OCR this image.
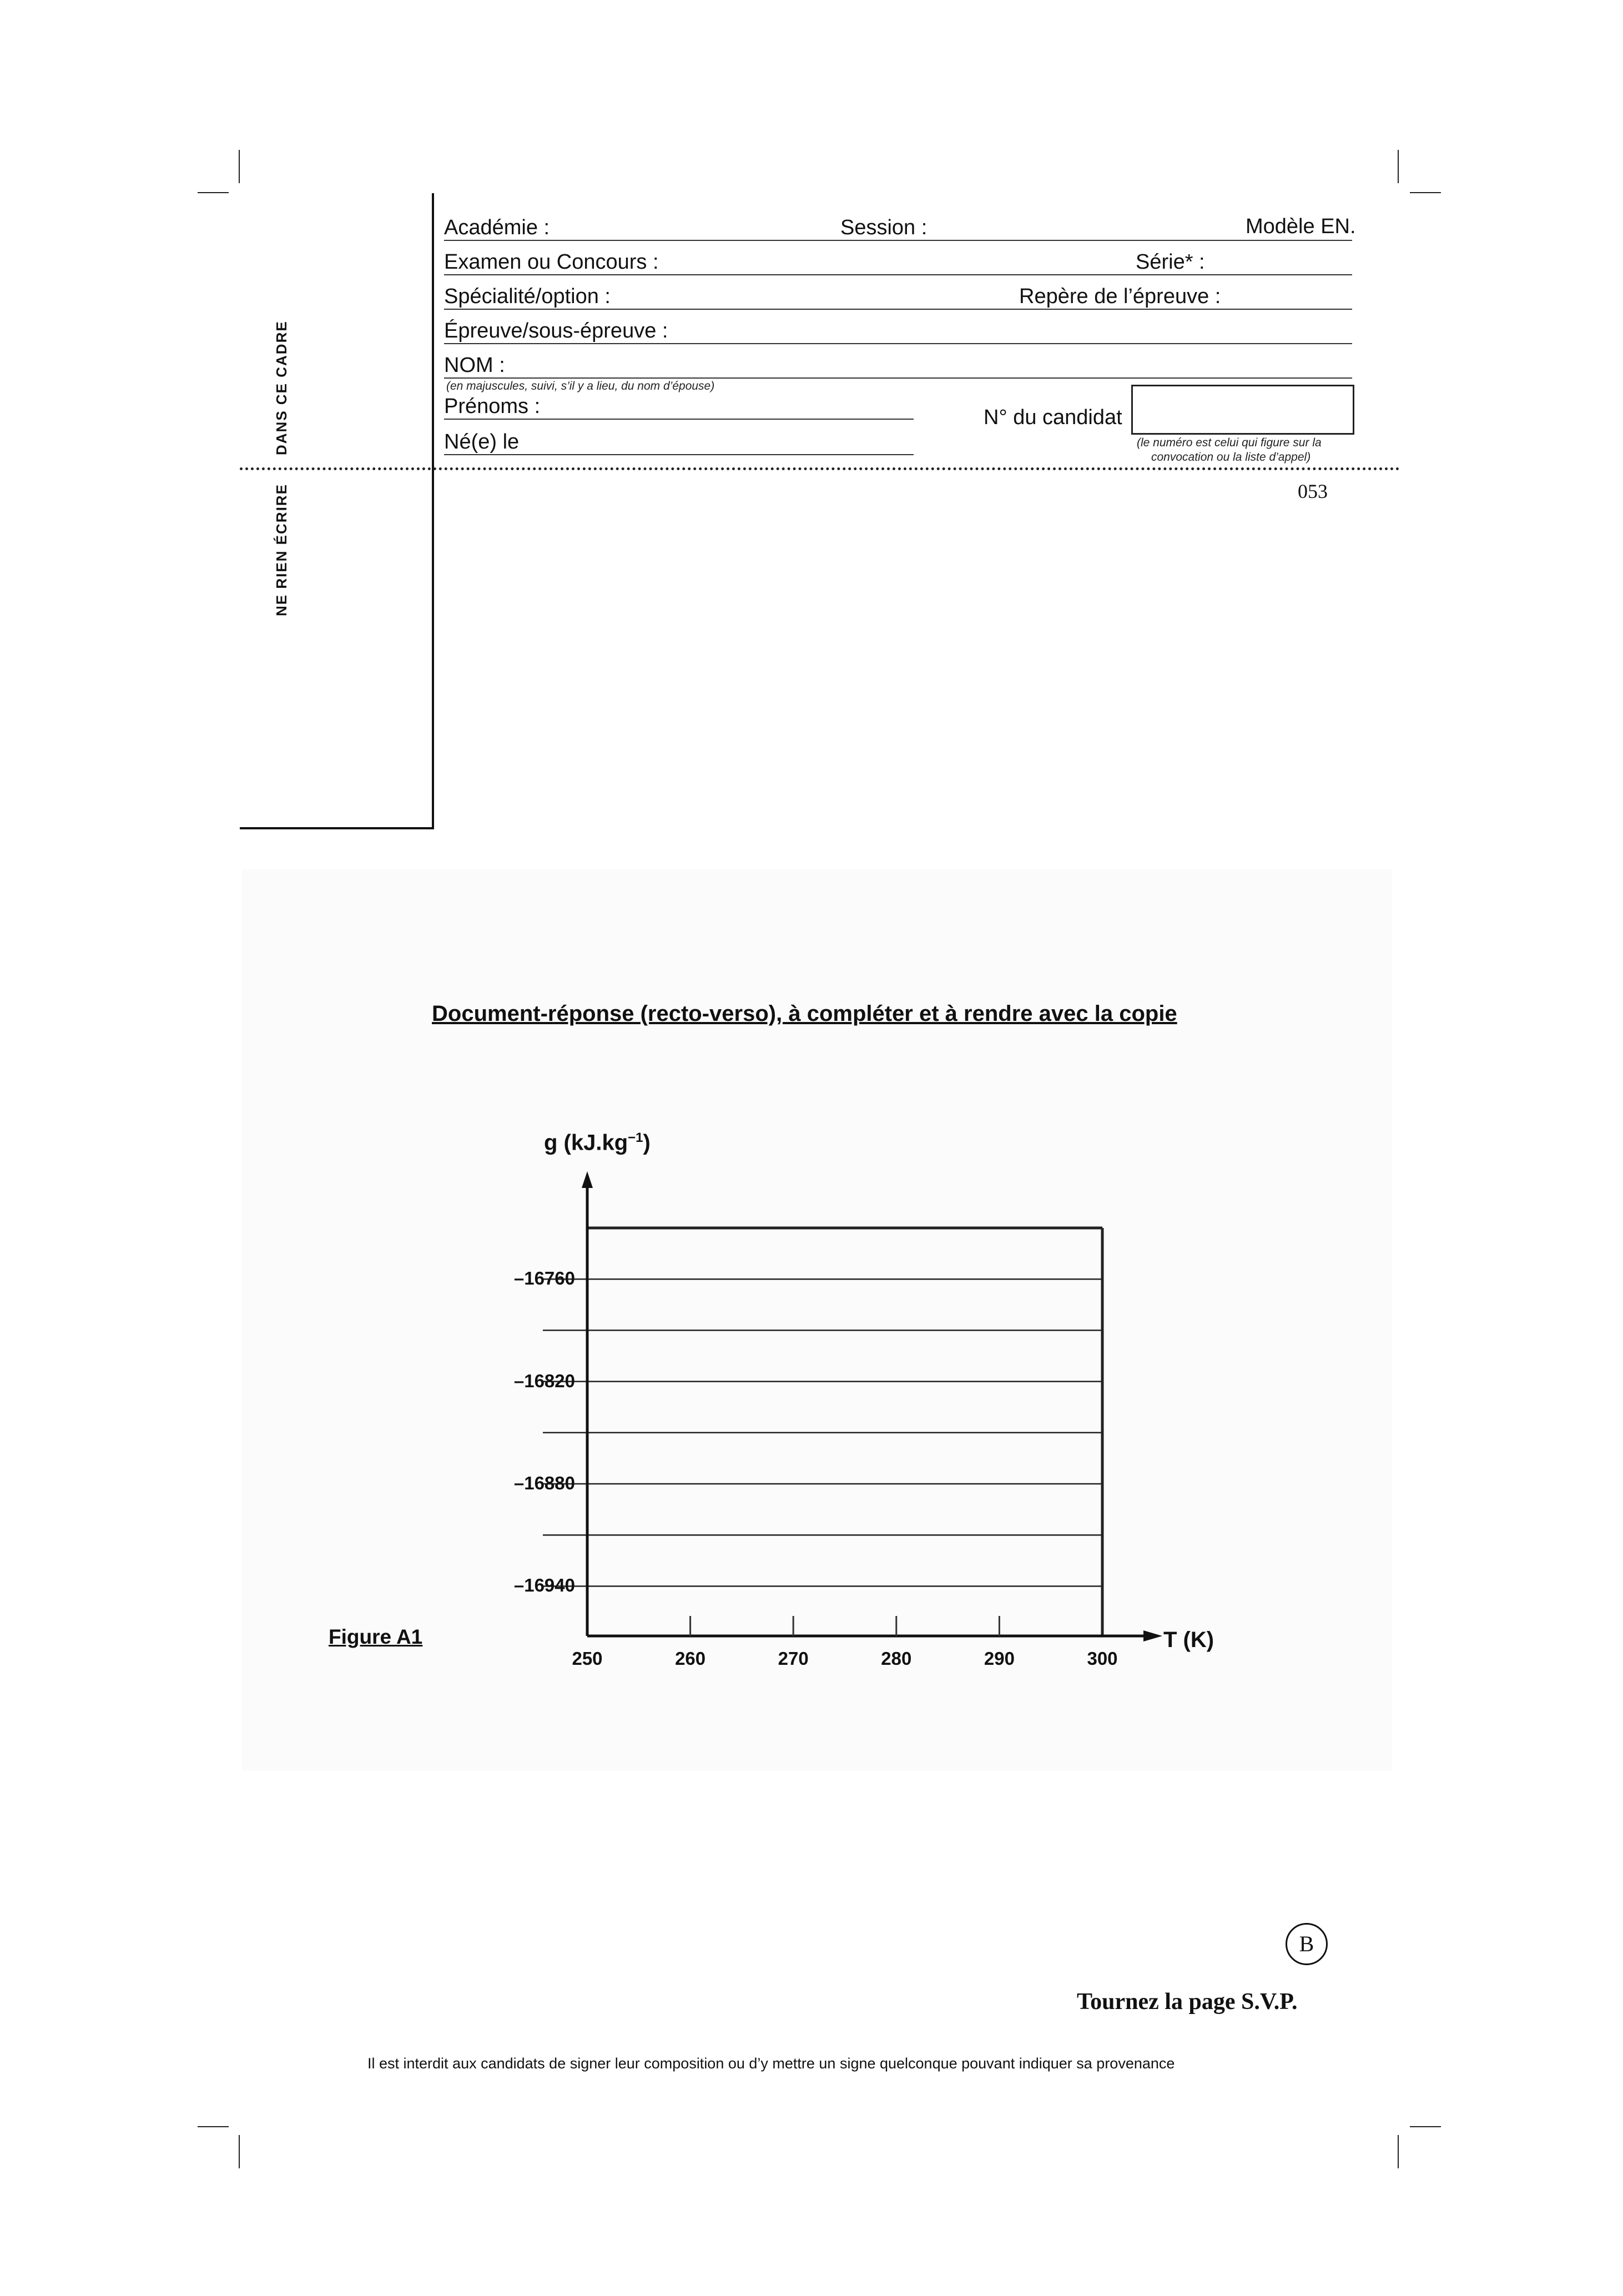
DANS CE CADRE
NE RIEN ÉCRIRE
Académie :	Session :	Modèle EN.
Examen ou Concours :	Série* :
Spécialité/option :	Repère de l’épreuve :
Épreuve/sous-épreuve :
NOM :
(en majuscules, suivi, s’il y a lieu, du nom d’épouse)
Prénoms :
Né(e) le
N° du candidat
(le numéro est celui qui figure sur la
convocation ou la liste d’appel)
053
Document-réponse (recto-verso), à compléter et à rendre avec la copie
g $(kJ.kg^{-1})$
–16760
–16820
–16880
–16940
250	260	270	280	290	300
T (K)
Figure A1
B
Tournez la page S.V.P.
Il est interdit aux candidats de signer leur composition ou d’y mettre un signe quelconque pouvant indiquer sa provenance
